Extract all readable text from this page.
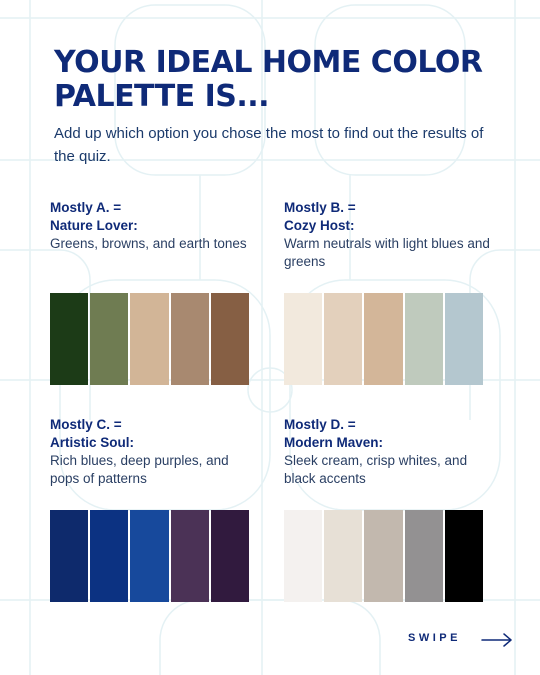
YOUR IDEAL HOME COLOR
PALETTE IS...

Add up which option you chose the most to find out the results of the quiz.

Mostly A. =

Nature Lover:

Greens, browns, and earth tones

Mostly B. =

Cozy Host:

Warm neutrals with light blues and greens

Mostly C. =

Artistic Soul:

Rich blues, deep purples, and pops of patterns

Mostly D. =

Modern Maven:

Sleek cream, crisp whites, and black accents

SWIPE
